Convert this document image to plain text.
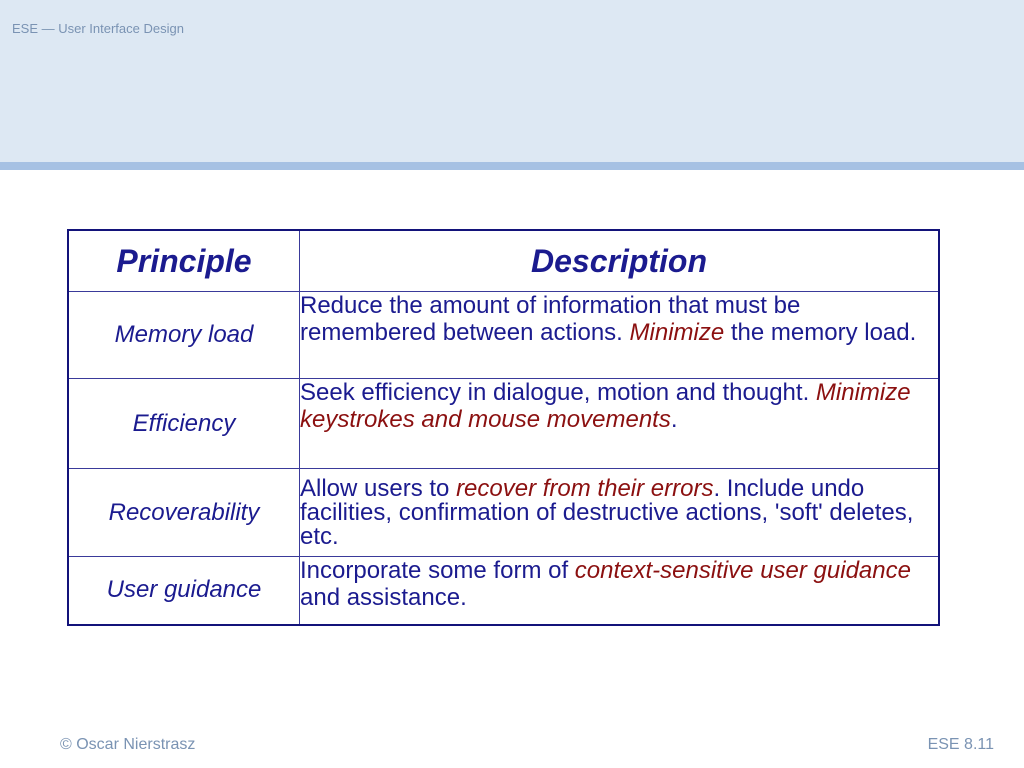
ESE — User Interface Design
Principle	Description
Memory load	Reduce the amount of information that must be remembered between actions. Minimize the memory load.
Efficiency	Seek efficiency in dialogue, motion and thought. Minimize keystrokes and mouse movements.
Recoverability	Allow users to recover from their errors. Include undo facilities, confirmation of destructive actions, 'soft' deletes, etc.
User guidance	Incorporate some form of context-sensitive user guidance and assistance.
© Oscar Nierstrasz	ESE 8.11
